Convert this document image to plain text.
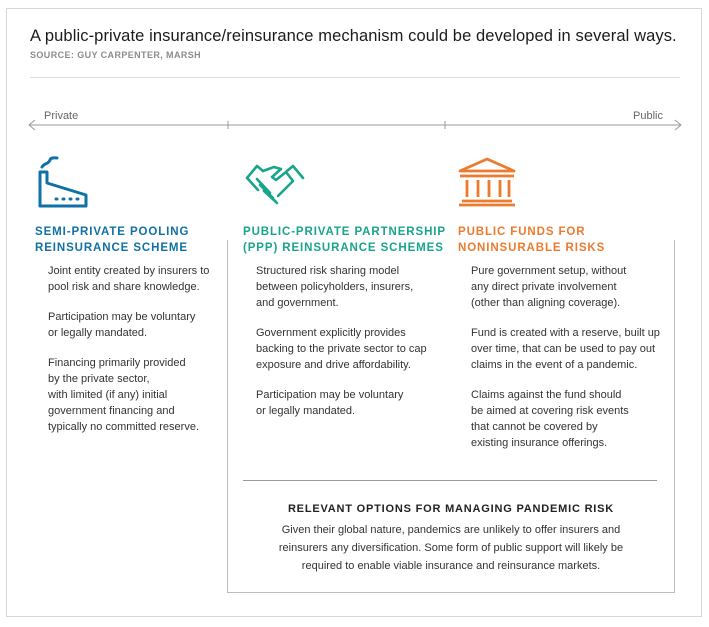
A public-private insurance/reinsurance mechanism could be developed in several ways.
SOURCE: GUY CARPENTER, MARSH
Private	Public
SEMI-PRIVATE POOLING
REINSURANCE SCHEME

Joint entity created by insurers to
pool risk and share knowledge.

Participation may be voluntary
or legally mandated.

Financing primarily provided
by the private sector,
with limited (if any) initial
government financing and
typically no committed reserve.

PUBLIC-PRIVATE PARTNERSHIP
(PPP) REINSURANCE SCHEMES

Structured risk sharing model
between policyholders, insurers,
and government.

Government explicitly provides
backing to the private sector to cap
exposure and drive affordability.

Participation may be voluntary
or legally mandated.

PUBLIC FUNDS FOR
NONINSURABLE RISKS

Pure government setup, without
any direct private involvement
(other than aligning coverage).

Fund is created with a reserve, built up
over time, that can be used to pay out
claims in the event of a pandemic.

Claims against the fund should
be aimed at covering risk events
that cannot be covered by
existing insurance offerings.

RELEVANT OPTIONS FOR MANAGING PANDEMIC RISK

Given their global nature, pandemics are unlikely to offer insurers and
reinsurers any diversification. Some form of public support will likely be
required to enable viable insurance and reinsurance markets.
